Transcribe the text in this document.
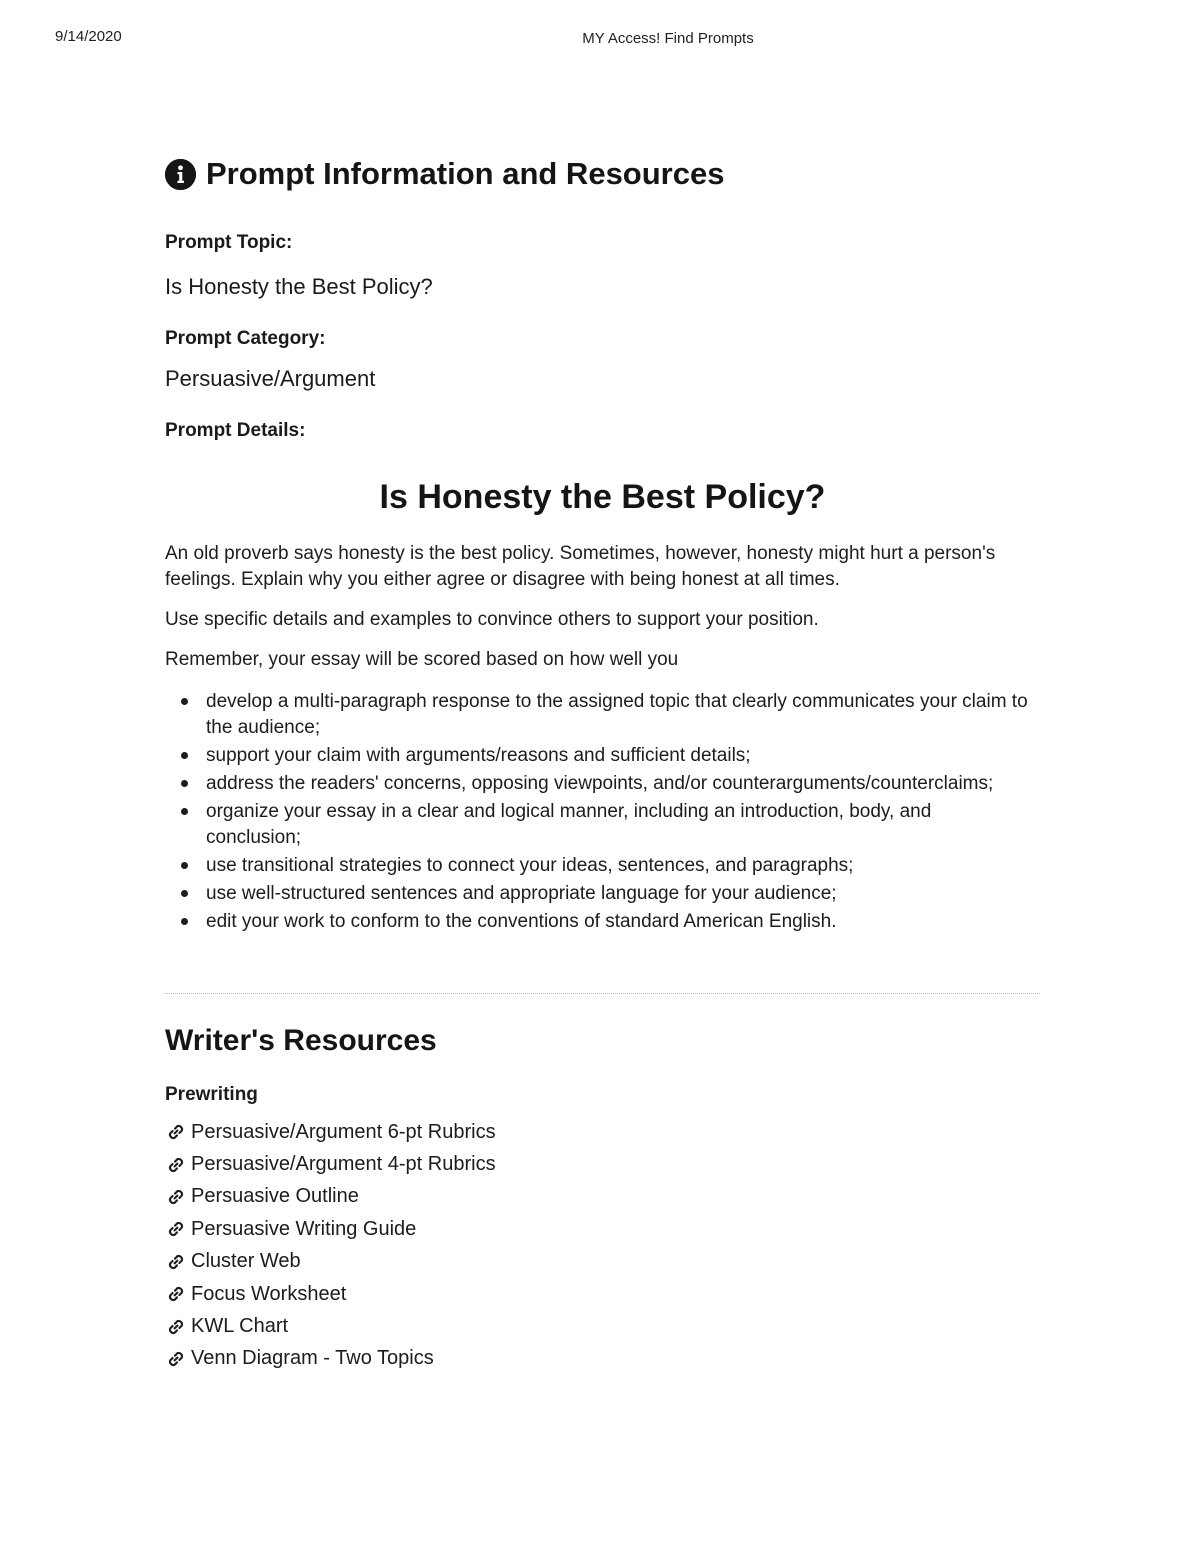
9/14/2020	MY Access! Find Prompts
Prompt Information and Resources

Prompt Topic:

Is Honesty the Best Policy?

Prompt Category:

Persuasive/Argument

Prompt Details:

Is Honesty the Best Policy?

An old proverb says honesty is the best policy. Sometimes, however, honesty might hurt a person's feelings. Explain why you either agree or disagree with being honest at all times.

Use specific details and examples to convince others to support your position.

Remember, your essay will be scored based on how well you

develop a multi-paragraph response to the assigned topic that clearly communicates your claim to the audience;
support your claim with arguments/reasons and sufficient details;
address the readers' concerns, opposing viewpoints, and/or counterarguments/counterclaims;
organize your essay in a clear and logical manner, including an introduction, body, and conclusion;
use transitional strategies to connect your ideas, sentences, and paragraphs;
use well-structured sentences and appropriate language for your audience;
edit your work to conform to the conventions of standard American English.
Writer's Resources

Prewriting

Persuasive/Argument 6-pt Rubrics
Persuasive/Argument 4-pt Rubrics
Persuasive Outline
Persuasive Writing Guide
Cluster Web
Focus Worksheet
KWL Chart
Venn Diagram - Two Topics
